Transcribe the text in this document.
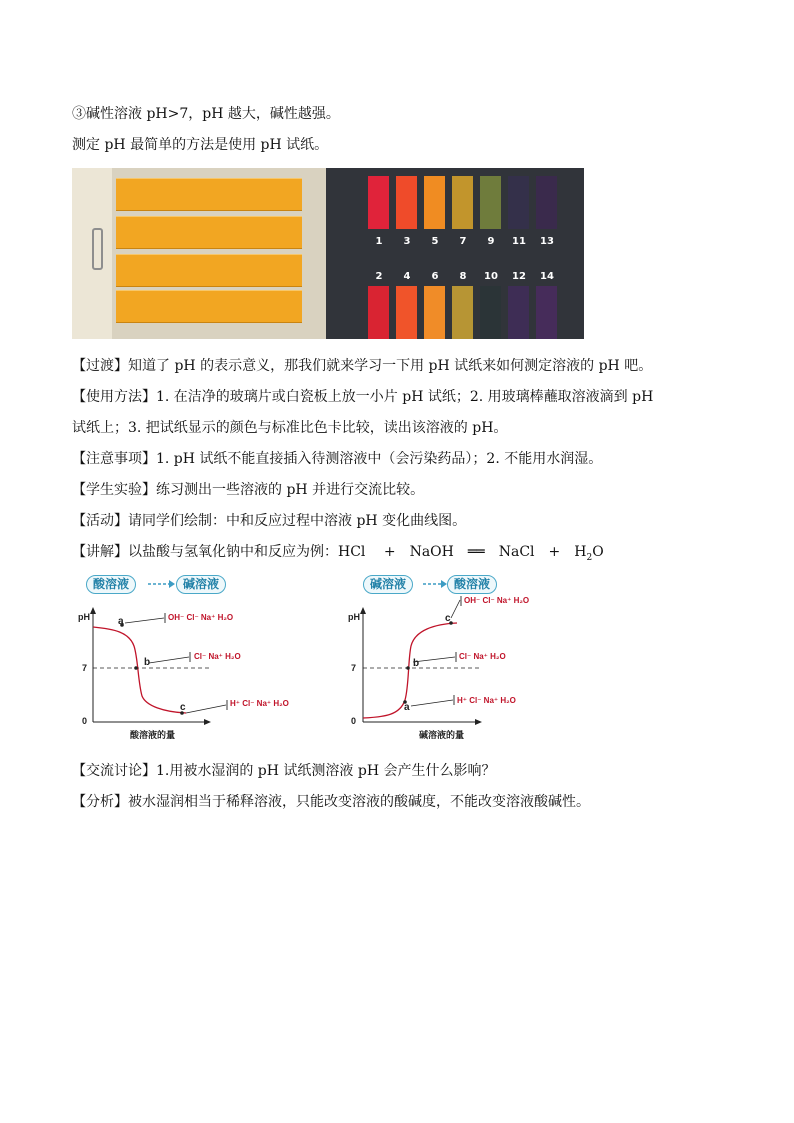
③碱性溶液 pH>7，pH 越大，碱性越强。
测定 pH 最简单的方法是使用 pH 试纸。
1
2
3
4
5
6
7
8
9
10
11
12
13
14
【过渡】知道了 pH 的表示意义，那我们就来学习一下用 pH 试纸来如何测定溶液的 pH 吧。
【使用方法】1. 在洁净的玻璃片或白瓷板上放一小片 pH 试纸；2. 用玻璃棒蘸取溶液滴到 pH
试纸上；3. 把试纸显示的颜色与标准比色卡比较，读出该溶液的 pH。
【注意事项】1. pH 试纸不能直接插入待测溶液中（会污染药品）；2. 不能用水润湿。
【学生实验】练习测出一些溶液的 pH 并进行交流比较。
【活动】请同学们绘制：中和反应过程中溶液 pH 变化曲线图。
【讲解】以盐酸与氢氧化钠中和反应为例：HCl　 +　NaOH　══　NaCl　+　$H_2O$
酸溶液	碱溶液
pH
7
0
酸溶液的量
a
b
c
OH⁻ Cl⁻ Na⁺ H₂O
Cl⁻ Na⁺ H₂O
H⁺ Cl⁻ Na⁺ H₂O
碱溶液	酸溶液
pH
7
0
碱溶液的量
a
b
c
OH⁻ Cl⁻ Na⁺ H₂O
Cl⁻ Na⁺ H₂O
H⁺ Cl⁻ Na⁺ H₂O
【交流讨论】1.用被水湿润的 pH 试纸测溶液 pH 会产生什么影响？
【分析】被水湿润相当于稀释溶液，只能改变溶液的酸碱度，不能改变溶液酸碱性。
